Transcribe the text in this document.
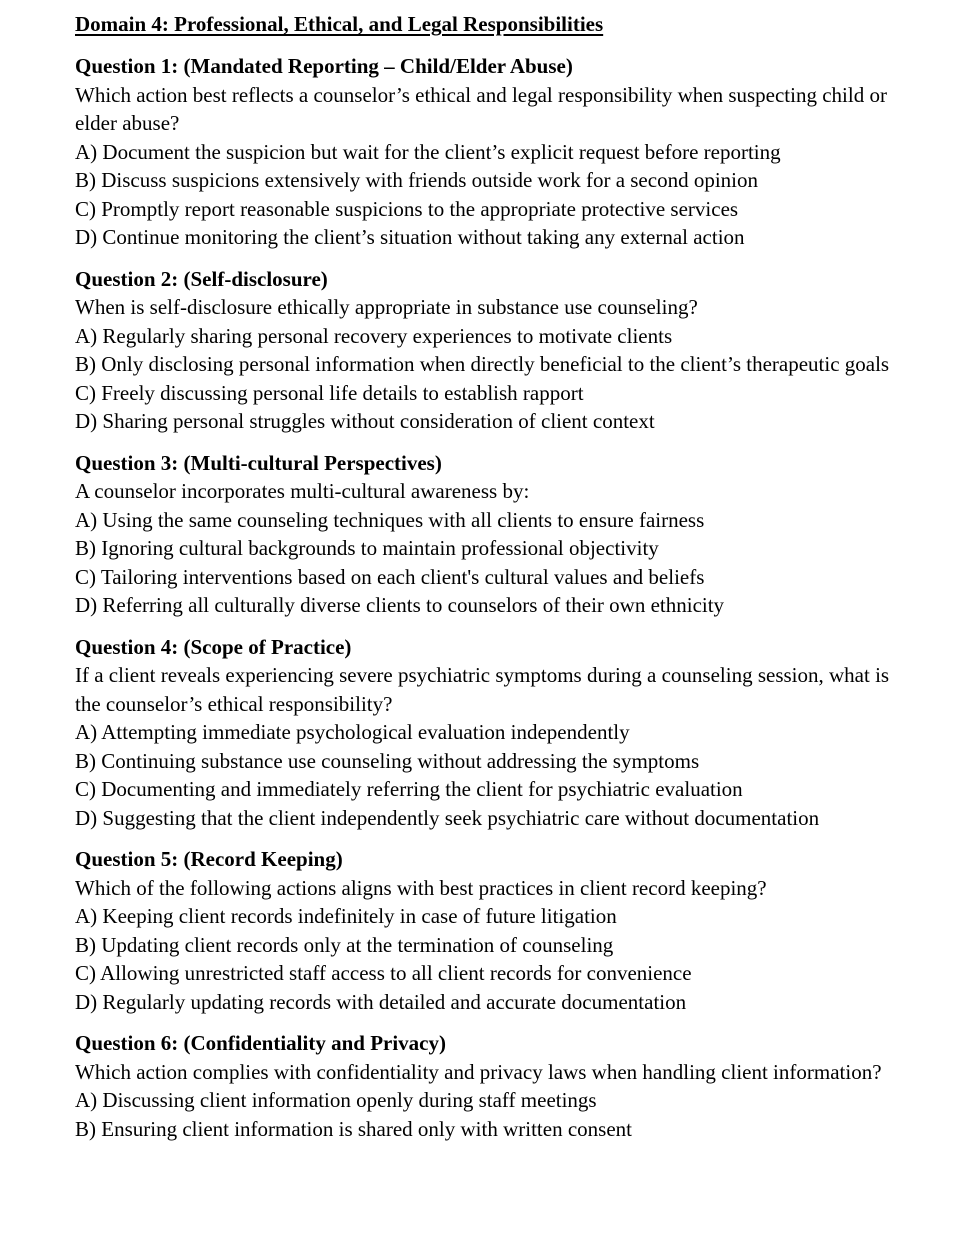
Domain 4: Professional, Ethical, and Legal Responsibilities
Question 1: (Mandated Reporting – Child/Elder Abuse)
Which action best reflects a counselor’s ethical and legal responsibility when suspecting child or elder abuse?
A) Document the suspicion but wait for the client’s explicit request before reporting
B) Discuss suspicions extensively with friends outside work for a second opinion
C) Promptly report reasonable suspicions to the appropriate protective services
D) Continue monitoring the client’s situation without taking any external action
Question 2: (Self-disclosure)
When is self-disclosure ethically appropriate in substance use counseling?
A) Regularly sharing personal recovery experiences to motivate clients
B) Only disclosing personal information when directly beneficial to the client’s therapeutic goals
C) Freely discussing personal life details to establish rapport
D) Sharing personal struggles without consideration of client context
Question 3: (Multi-cultural Perspectives)
A counselor incorporates multi-cultural awareness by:
A) Using the same counseling techniques with all clients to ensure fairness
B) Ignoring cultural backgrounds to maintain professional objectivity
C) Tailoring interventions based on each client's cultural values and beliefs
D) Referring all culturally diverse clients to counselors of their own ethnicity
Question 4: (Scope of Practice)
If a client reveals experiencing severe psychiatric symptoms during a counseling session, what is the counselor’s ethical responsibility?
A) Attempting immediate psychological evaluation independently
B) Continuing substance use counseling without addressing the symptoms
C) Documenting and immediately referring the client for psychiatric evaluation
D) Suggesting that the client independently seek psychiatric care without documentation
Question 5: (Record Keeping)
Which of the following actions aligns with best practices in client record keeping?
A) Keeping client records indefinitely in case of future litigation
B) Updating client records only at the termination of counseling
C) Allowing unrestricted staff access to all client records for convenience
D) Regularly updating records with detailed and accurate documentation
Question 6: (Confidentiality and Privacy)
Which action complies with confidentiality and privacy laws when handling client information?
A) Discussing client information openly during staff meetings
B) Ensuring client information is shared only with written consent
